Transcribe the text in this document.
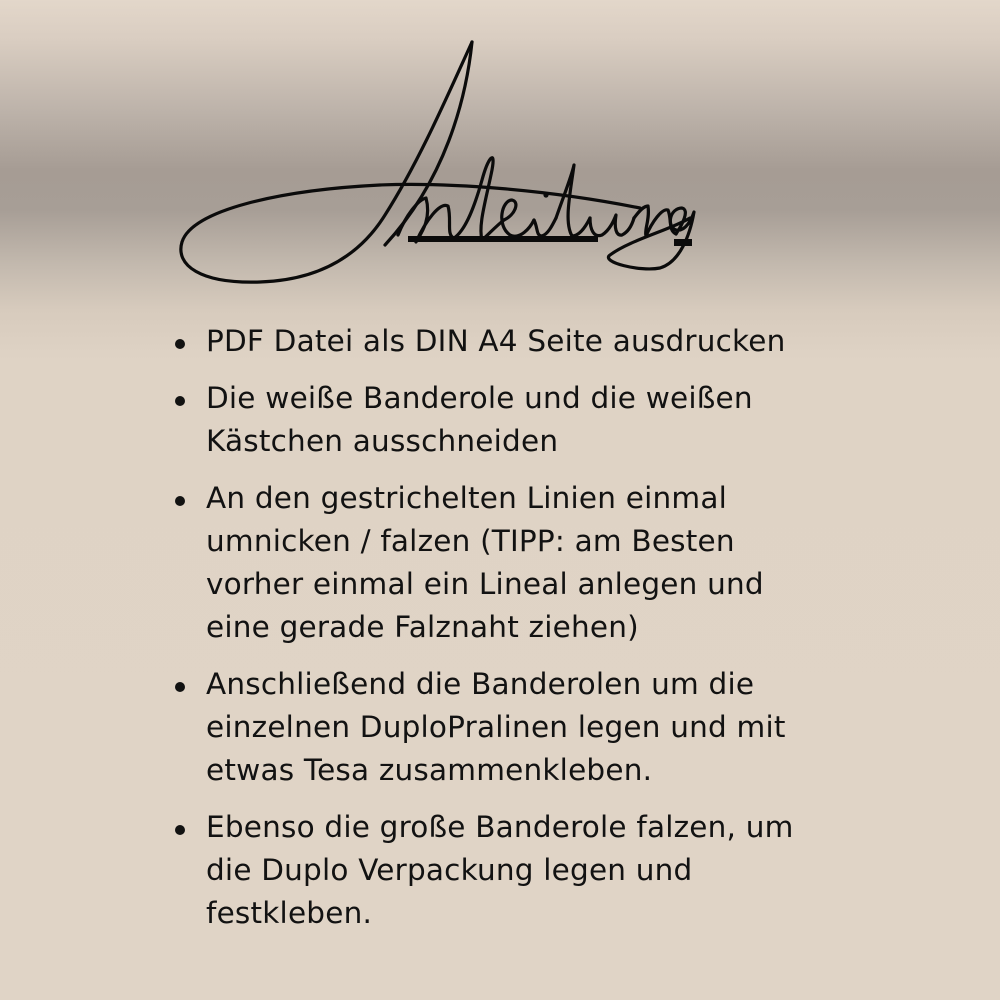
PDF Datei als DIN A4 Seite ausdrucken
Die weiße Banderole und die weißen Kästchen ausschneiden
An den gestrichelten Linien einmal umnicken / falzen (TIPP: am Besten vorher einmal ein Lineal anlegen und eine gerade Falznaht ziehen)
Anschließend die Banderolen um die einzelnen DuploPralinen legen und mit etwas Tesa zusammenkleben.
Ebenso die große Banderole falzen, um die Duplo Verpackung legen und festkleben.
